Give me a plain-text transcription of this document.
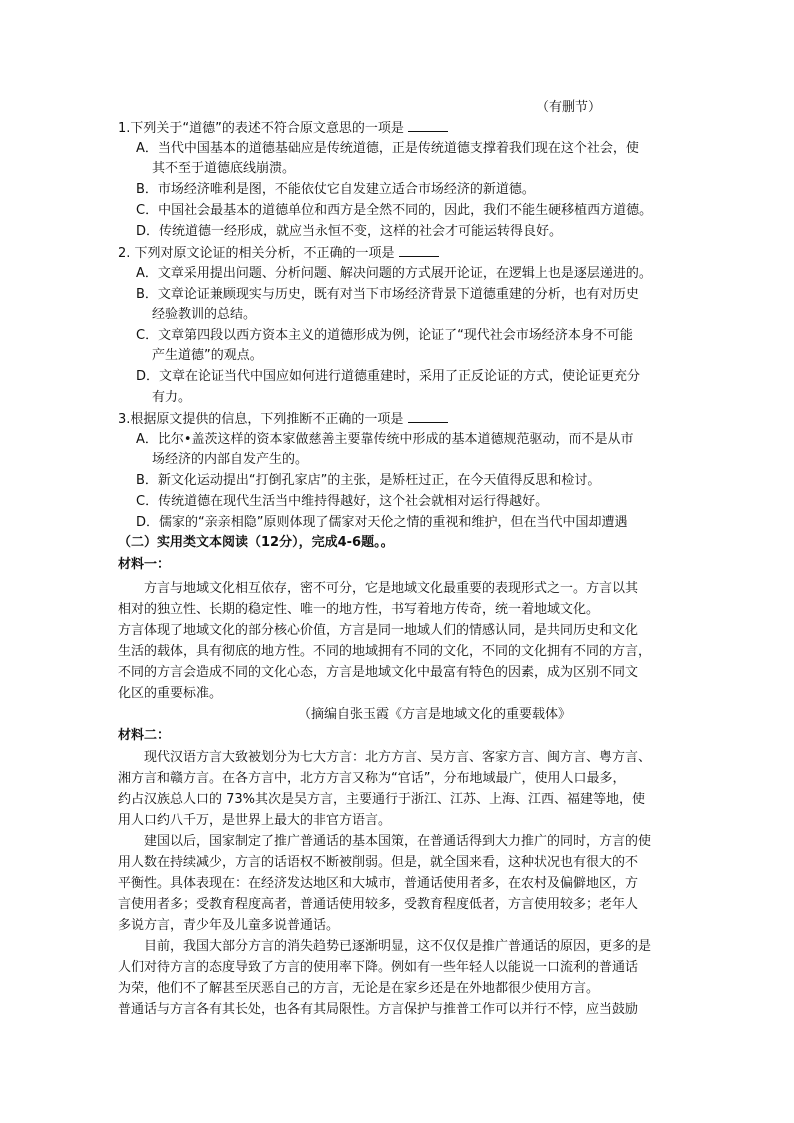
（有删节）
1.下列关于“道德”的表述不符合原文意思的一项是
A．当代中国基本的道德基础应是传统道德，正是传统道德支撑着我们现在这个社会，使
其不至于道德底线崩溃。
B．市场经济唯利是图，不能依仗它自发建立适合市场经济的新道德。
C．中国社会最基本的道德单位和西方是全然不同的，因此，我们不能生硬移植西方道德。
D．传统道德一经形成，就应当永恒不变，这样的社会才可能运转得良好。
2. 下列对原文论证的相关分析，不正确的一项是
A．文章采用提出问题、分析问题、解决问题的方式展开论证，在逻辑上也是逐层递进的。
B．文章论证兼顾现实与历史，既有对当下市场经济背景下道德重建的分析，也有对历史
经验教训的总结。
C．文章第四段以西方资本主义的道德形成为例，论证了“现代社会市场经济本身不可能
产生道德”的观点。
D．文章在论证当代中国应如何进行道德重建时，采用了正反论证的方式，使论证更充分
有力。
3.根据原文提供的信息，下列推断不正确的一项是
A．比尔•盖茨这样的资本家做慈善主要靠传统中形成的基本道德规范驱动，而不是从市
场经济的内部自发产生的。
B．新文化运动提出“打倒孔家店”的主张，是矫枉过正，在今天值得反思和检讨。
C．传统道德在现代生活当中维持得越好，这个社会就相对运行得越好。
D．儒家的“亲亲相隐”原则体现了儒家对天伦之情的重视和维护，但在当代中国却遭遇
（二）实用类文本阅读（12分），完成4-6题。。
材料一：
方言与地域文化相互依存，密不可分，它是地域文化最重要的表现形式之一。方言以其
相对的独立性、长期的稳定性、唯一的地方性，书写着地方传奇，统一着地域文化。
方言体现了地域文化的部分核心价值，方言是同一地域人们的情感认同，是共同历史和文化
生活的载体，具有彻底的地方性。不同的地域拥有不同的文化，不同的文化拥有不同的方言，
不同的方言会造成不同的文化心态，方言是地域文化中最富有特色的因素，成为区别不同文
化区的重要标准。
（摘编自张玉霞《方言是地域文化的重要载体》
材料二：
现代汉语方言大致被划分为七大方言：北方方言、吴方言、客家方言、闽方言、粤方言、
湘方言和赣方言。在各方言中，北方方言又称为“官话”，分布地域最广，使用人口最多，
约占汉族总人口的 73%其次是吴方言，主要通行于浙江、江苏、上海、江西、福建等地，使
用人口约八千万，是世界上最大的非官方语言。
建国以后，国家制定了推广普通话的基本国策，在普通话得到大力推广的同时，方言的使
用人数在持续减少，方言的话语权不断被削弱。但是，就全国来看，这种状况也有很大的不
平衡性。具体表现在：在经济发达地区和大城市，普通话使用者多，在农村及偏僻地区，方
言使用者多；受教育程度高者，普通话使用较多，受教育程度低者，方言使用较多；老年人
多说方言，青少年及儿童多说普通话。
目前，我国大部分方言的消失趋势已逐渐明显，这不仅仅是推广普通话的原因，更多的是
人们对待方言的态度导致了方言的使用率下降。例如有一些年轻人以能说一口流利的普通话
为荣，他们不了解甚至厌恶自己的方言，无论是在家乡还是在外地都很少使用方言。
普通话与方言各有其长处，也各有其局限性。方言保护与推普工作可以并行不悖，应当鼓励
